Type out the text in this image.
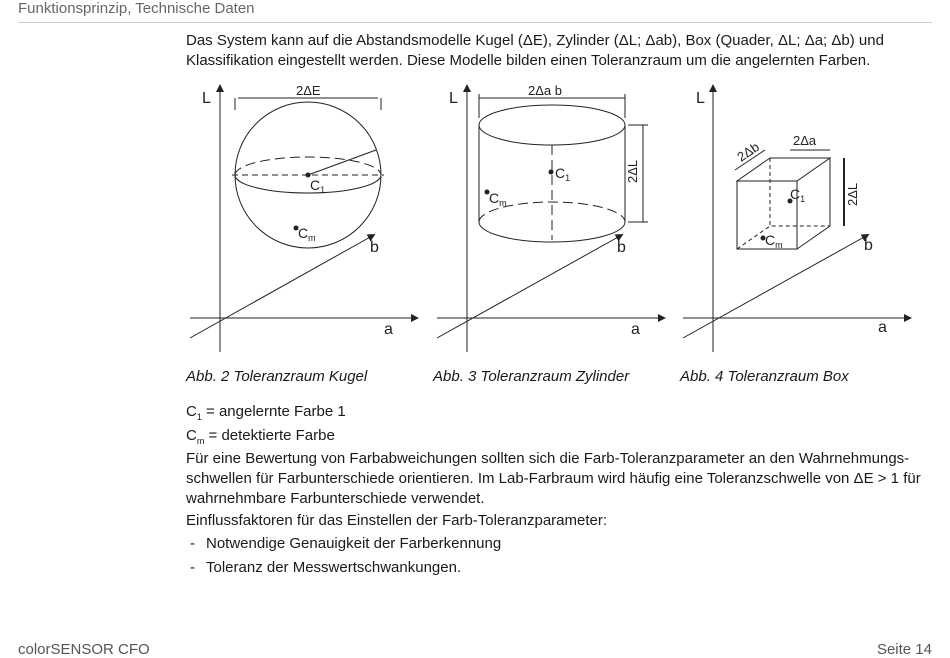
Funktionsprinzip, Technische Daten
Das System kann auf die Abstandsmodelle Kugel (ΔE), Zylinder (ΔL; Δab), Box (Quader, ΔL; Δa; Δb) und Klassifikation eingestellt werden. Diese Modelle bilden einen Toleranzraum um die angelernten Farben.
L
b
a
2ΔE
$C_1$
$C_m$
L
b
a
2Δa b
2ΔL
$C_1$
$C_m$
L
b
a
2Δb 2Δa
2ΔL
$C_1$
$C_m$
Abb. 2 Toleranzraum Kugel	Abb. 3 Toleranzraum Zylinder	Abb. 4 Toleranzraum Box
$C_1$ = angelernte Farbe 1
$C_m$ = detektierte Farbe
Für eine Bewertung von Farbabweichungen sollten sich die Farb-Toleranzparameter an den Wahrnehmungs-schwellen für Farbunterschiede orientieren. Im Lab-Farbraum wird häufig eine Toleranzschwelle von ΔE > 1 für wahrnehmbare Farbunterschiede verwendet.
Einflussfaktoren für das Einstellen der Farb-Toleranzparameter:
- Notwendige Genauigkeit der Farberkennung
- Toleranz der Messwertschwankungen.
colorSENSOR CFO	Seite 14
